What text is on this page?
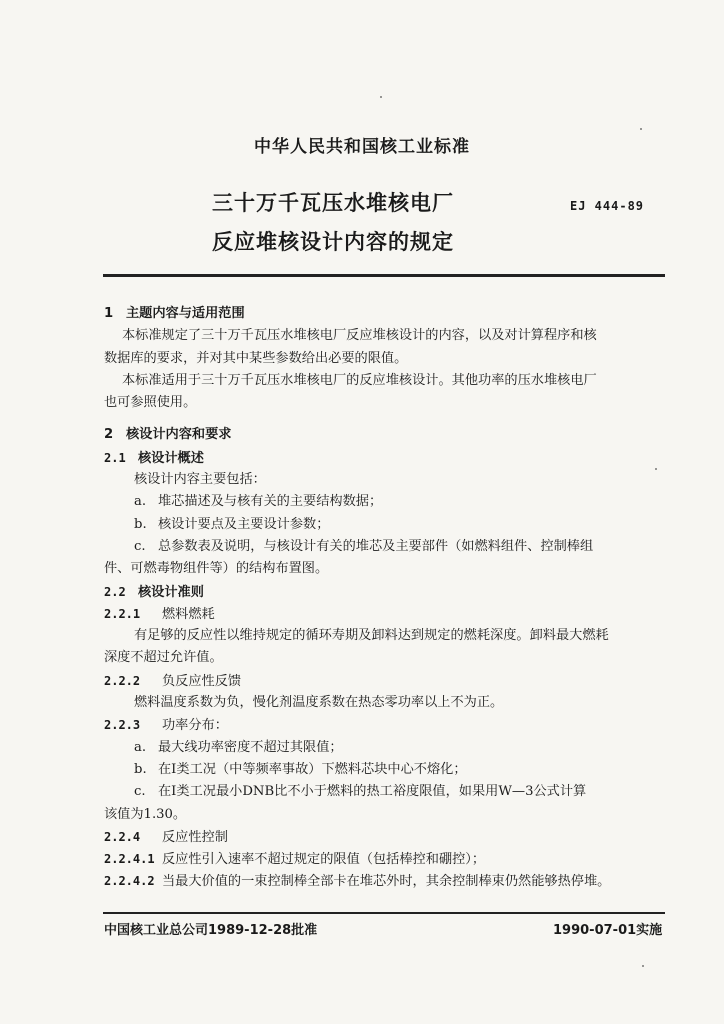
中华人民共和国核工业标准
三十万千瓦压水堆核电厂
反应堆核设计内容的规定
EJ 444-89
1 主题内容与适用范围
本标准规定了三十万千瓦压水堆核电厂反应堆核设计的内容，以及对计算程序和核
数据库的要求，并对其中某些参数给出必要的限值。
本标准适用于三十万千瓦压水堆核电厂的反应堆核设计。其他功率的压水堆核电厂
也可参照使用。
2 核设计内容和要求
2.1 核设计概述
核设计内容主要包括：
a. 堆芯描述及与核有关的主要结构数据；
b. 核设计要点及主要设计参数；
c. 总参数表及说明，与核设计有关的堆芯及主要部件（如燃料组件、控制棒组
件、可燃毒物组件等）的结构布置图。
2.2 核设计准则
2.2.1 燃料燃耗
有足够的反应性以维持规定的循环寿期及卸料达到规定的燃耗深度。卸料最大燃耗
深度不超过允许值。
2.2.2 负反应性反馈
燃料温度系数为负，慢化剂温度系数在热态零功率以上不为正。
2.2.3 功率分布：
a. 最大线功率密度不超过其限值；
b. 在Ⅰ类工况（中等频率事故）下燃料芯块中心不熔化；
c. 在Ⅰ类工况最小DNB比不小于燃料的热工裕度限值，如果用W—3公式计算
该值为1.30。
2.2.4 反应性控制
2.2.4.1 反应性引入速率不超过规定的限值（包括棒控和硼控）；
2.2.4.2 当最大价值的一束控制棒全部卡在堆芯外时，其余控制棒束仍然能够热停堆。
中国核工业总公司1989-12-28批准	1990-07-01实施
